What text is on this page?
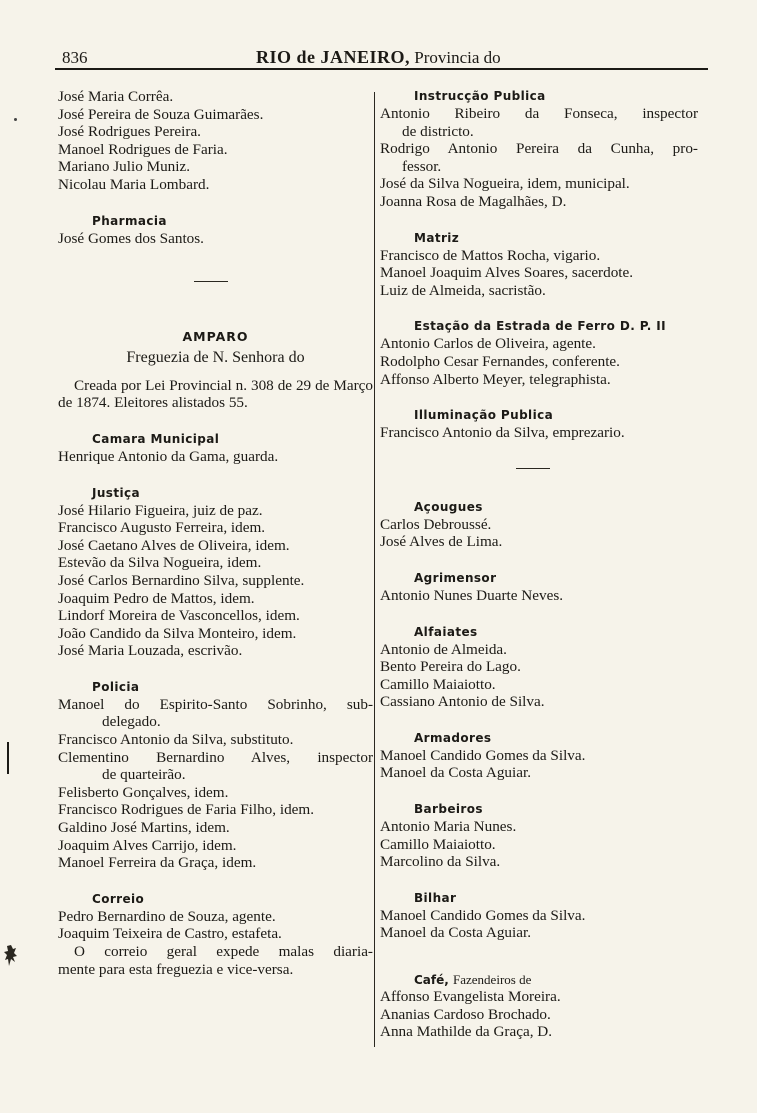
836	RIO de JANEIRO, Provincia do
José Maria Corrêa.
José Pereira de Souza Guimarães.
José Rodrigues Pereira.
Manoel Rodrigues de Faria.
Mariano Julio Muniz.
Nicolau Maria Lombard.
Pharmacia
José Gomes dos Santos.
AMPARO
Freguezia de N. Senhora do
Creada por Lei Provincial n. 308 de 29 de Março de 1874. Eleitores alistados 55.
Camara Municipal
Henrique Antonio da Gama, guarda.
Justiça
José Hilario Figueira, juiz de paz.
Francisco Augusto Ferreira, idem.
José Caetano Alves de Oliveira, idem.
Estevão da Silva Nogueira, idem.
José Carlos Bernardino Silva, supplente.
Joaquim Pedro de Mattos, idem.
Lindorf Moreira de Vasconcellos, idem.
João Candido da Silva Monteiro, idem.
José Maria Louzada, escrivão.
Policia
Manoel do Espirito-Santo Sobrinho, sub-
delegado.
Francisco Antonio da Silva, substituto.
Clementino Bernardino Alves, inspector
de quarteirão.
Felisberto Gonçalves, idem.
Francisco Rodrigues de Faria Filho, idem.
Galdino José Martins, idem.
Joaquim Alves Carrijo, idem.
Manoel Ferreira da Graça, idem.
Correio
Pedro Bernardino de Souza, agente.
Joaquim Teixeira de Castro, estafeta.
O correio geral expede malas diaria-
mente para esta freguezia e vice-versa.
Instrucção Publica
Antonio Ribeiro da Fonseca, inspector
de districto.
Rodrigo Antonio Pereira da Cunha, pro-
fessor.
José da Silva Nogueira, idem, municipal.
Joanna Rosa de Magalhães, D.
Matriz
Francisco de Mattos Rocha, vigario.
Manoel Joaquim Alves Soares, sacerdote.
Luiz de Almeida, sacristão.
Estação da Estrada de Ferro D. P. II
Antonio Carlos de Oliveira, agente.
Rodolpho Cesar Fernandes, conferente.
Affonso Alberto Meyer, telegraphista.
Illuminação Publica
Francisco Antonio da Silva, emprezario.
Açougues
Carlos Debroussé.
José Alves de Lima.
Agrimensor
Antonio Nunes Duarte Neves.
Alfaiates
Antonio de Almeida.
Bento Pereira do Lago.
Camillo Maiaiotto.
Cassiano Antonio de Silva.
Armadores
Manoel Candido Gomes da Silva.
Manoel da Costa Aguiar.
Barbeiros
Antonio Maria Nunes.
Camillo Maiaiotto.
Marcolino da Silva.
Bilhar
Manoel Candido Gomes da Silva.
Manoel da Costa Aguiar.
Café, Fazendeiros de
Affonso Evangelista Moreira.
Ananias Cardoso Brochado.
Anna Mathilde da Graça, D.
